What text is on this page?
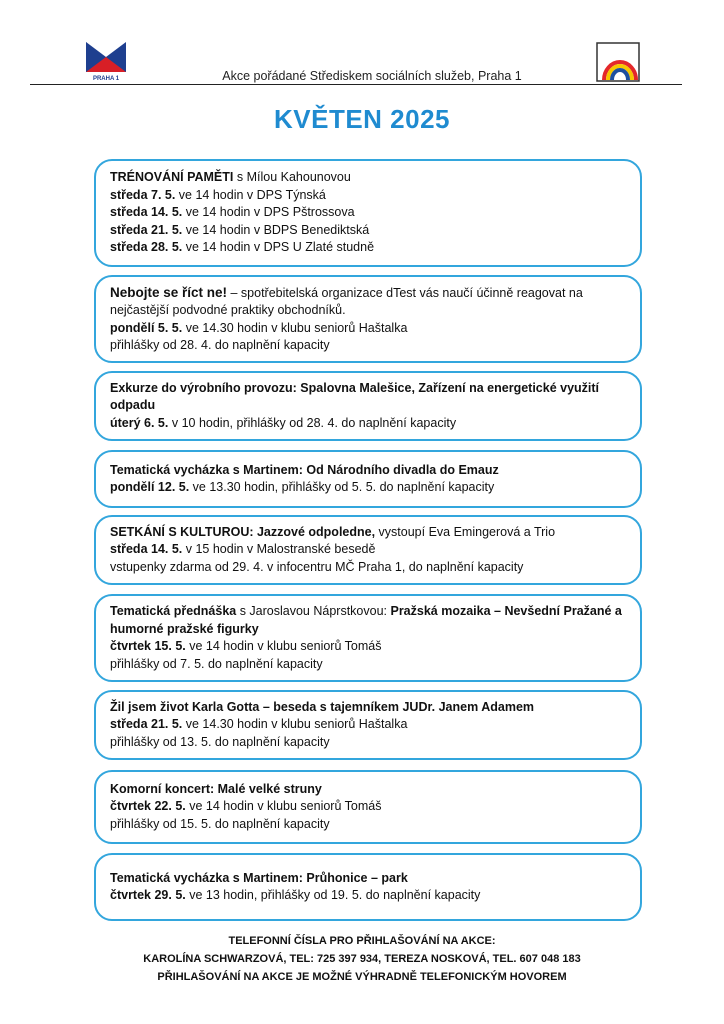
PRAHA 1	Akce pořádané Střediskem sociálních služeb, Praha 1
KVĚTEN 2025
TRÉNOVÁNÍ PAMĚTI s Mílou Kahounovou
středa 7. 5. ve 14 hodin v DPS Týnská
středa 14. 5. ve 14 hodin v DPS Pštrossova
středa 21. 5. ve 14 hodin v BDPS Benediktská
středa 28. 5. ve 14 hodin v DPS U Zlaté studně
Nebojte se říct ne! – spotřebitelská organizace dTest vás naučí účinně reagovat na nejčastější podvodné praktiky obchodníků.
pondělí 5. 5. ve 14.30 hodin v klubu seniorů Haštalka
přihlášky od 28. 4. do naplnění kapacity
Exkurze do výrobního provozu: Spalovna Malešice, Zařízení na energetické využití odpadu
úterý 6. 5. v 10 hodin, přihlášky od 28. 4. do naplnění kapacity
Tematická vycházka s Martinem: Od Národního divadla do Emauz
pondělí 12. 5. ve 13.30 hodin, přihlášky od 5. 5. do naplnění kapacity
SETKÁNÍ S KULTUROU: Jazzové odpoledne, vystoupí Eva Emingerová a Trio
středa 14. 5. v 15 hodin v Malostranské besedě
vstupenky zdarma od 29. 4. v infocentru MČ Praha 1, do naplnění kapacity
Tematická přednáška s Jaroslavou Náprstkovou: Pražská mozaika – Nevšední Pražané a humorné pražské figurky
čtvrtek 15. 5. ve 14 hodin v klubu seniorů Tomáš
přihlášky od 7. 5. do naplnění kapacity
Žil jsem život Karla Gotta – beseda s tajemníkem JUDr. Janem Adamem
středa 21. 5. ve 14.30 hodin v klubu seniorů Haštalka
přihlášky od 13. 5. do naplnění kapacity
Komorní koncert: Malé velké struny
čtvrtek 22. 5. ve 14 hodin v klubu seniorů Tomáš
přihlášky od 15. 5. do naplnění kapacity
Tematická vycházka s Martinem: Průhonice – park
čtvrtek 29. 5. ve 13 hodin, přihlášky od 19. 5. do naplnění kapacity
TELEFONNÍ ČÍSLA PRO PŘIHLAŠOVÁNÍ NA AKCE:
KAROLÍNA SCHWARZOVÁ, TEL: 725 397 934, TEREZA NOSKOVÁ, TEL. 607 048 183
PŘIHLAŠOVÁNÍ NA AKCE JE MOŽNÉ VÝHRADNĚ TELEFONICKÝM HOVOREM
